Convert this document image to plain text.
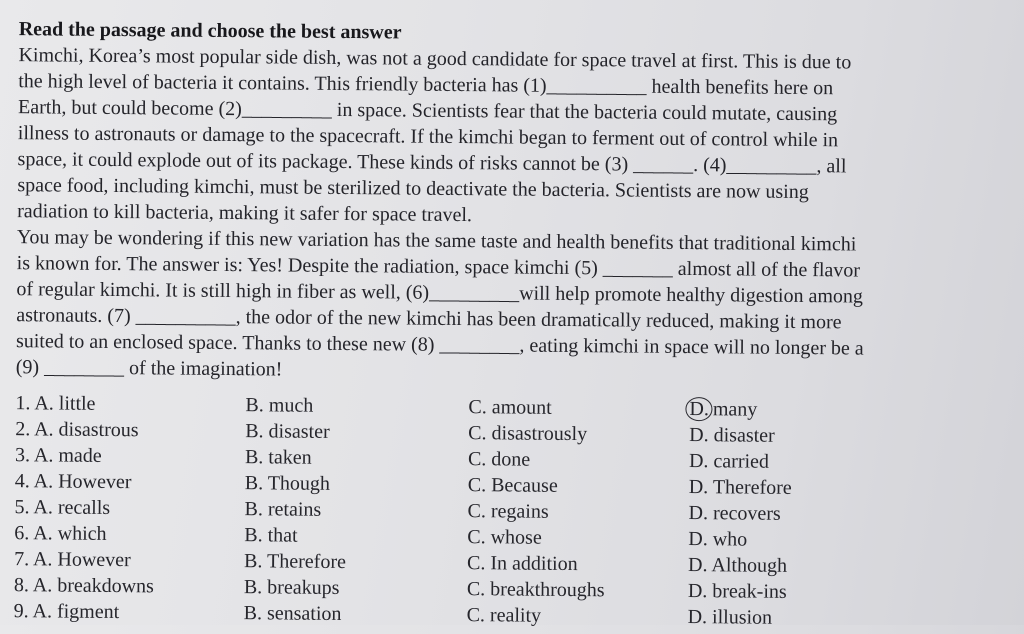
Read the passage and choose the best answer
Kimchi, Korea’s most popular side dish, was not a good candidate for space travel at first. This is due to
the high level of bacteria it contains. This friendly bacteria has (1)__________ health benefits here on
Earth, but could become (2)_________ in space. Scientists fear that the bacteria could mutate, causing
illness to astronauts or damage to the spacecraft. If the kimchi began to ferment out of control while in
space, it could explode out of its package. These kinds of risks cannot be (3) ______. (4)_________, all
space food, including kimchi, must be sterilized to deactivate the bacteria. Scientists are now using
radiation to kill bacteria, making it safer for space travel.
You may be wondering if this new variation has the same taste and health benefits that traditional kimchi
is known for. The answer is: Yes! Despite the radiation, space kimchi (5) _______ almost all of the flavor
of regular kimchi. It is still high in fiber as well, (6)_________will help promote healthy digestion among
astronauts. (7) __________, the odor of the new kimchi has been dramatically reduced, making it more
suited to an enclosed space. Thanks to these new (8) ________, eating kimchi in space will no longer be a
(9) ________ of the imagination!
1. A. little	B. much	C. amount	D. many
2. A. disastrous	B. disaster	C. disastrously	D. disaster
3. A. made	B. taken	C. done	D. carried
4. A. However	B. Though	C. Because	D. Therefore
5. A. recalls	B. retains	C. regains	D. recovers
6. A. which	B. that	C. whose	D. who
7. A. However	B. Therefore	C. In addition	D. Although
8. A. breakdowns	B. breakups	C. breakthroughs	D. break-ins
9. A. figment	B. sensation	C. reality	D. illusion
